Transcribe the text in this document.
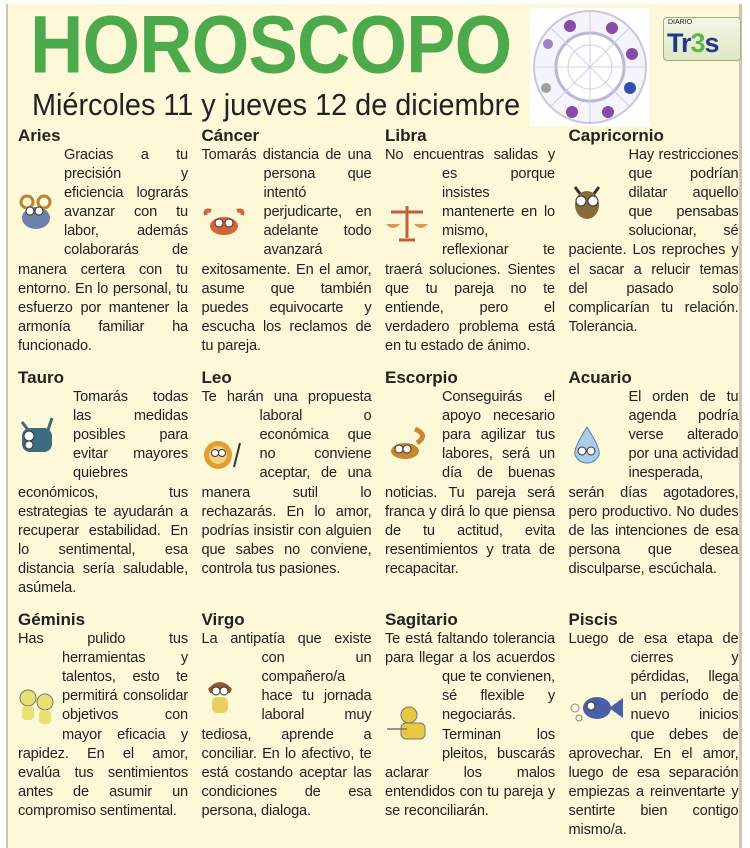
HOROSCOPO
Miércoles 11 y jueves 12 de diciembre
DIARIO
Tr3s
Aries

Gracias a tu precisión y eficiencia lograrás avanzar con tu labor, además colaborarás de manera certera con tu entorno. En lo personal, tu esfuerzo por mantener la armonía familiar ha funcionado.

Cáncer

Tomarás distancia de una persona que intentó perjudicarte, en adelante todo avanzará exitosamente. En el amor, asume que también puedes equivocarte y escucha los reclamos de tu pareja.

Libra

No encuentras salidas y es porque insistes mantenerte en lo mismo, reflexionar te traerá soluciones. Sientes que tu pareja no te entiende, pero el verdadero problema está en tu estado de ánimo.

Capricornio

Hay restricciones que podrían dilatar aquello que pensabas solucionar, sé paciente. Los reproches y el sacar a relucir temas del pasado solo complicarían tu relación. Tolerancia.

Tauro

Tomarás todas las medidas posibles para evitar mayores quiebres económicos, tus estrategias te ayudarán a recuperar estabilidad. En lo sentimental, esa distancia sería saludable, asúmela.

Leo

Te harán una propuesta laboral o económica que no conviene aceptar, de una manera sutil lo rechazarás. En lo amor, podrías insistir con alguien que sabes no conviene, controla tus pasiones.

Escorpio

Conseguirás el apoyo necesario para agilizar tus labores, será un día de buenas noticias. Tu pareja será franca y dirá lo que piensa de tu actitud, evita resentimientos y trata de recapacitar.

Acuario

El orden de tu agenda podría verse alterado por una actividad inesperada, serán días agotadores, pero productivo. No dudes de las intenciones de esa persona que desea disculparse, escúchala.

Géminis

Has pulido tus herramientas y talentos, esto te permitirá consolidar objetivos con mayor eficacia y rapidez. En el amor, evalúa tus sentimientos antes de asumir un compromiso sentimental.

Virgo

La antipatía que existe con un compañero/a hace tu jornada laboral muy tediosa, aprende a conciliar. En lo afectivo, te está costando aceptar las condiciones de esa persona, dialoga.

Sagitario

Te está faltando tolerancia para llegar a los acuerdos que te convienen, sé flexible y negociarás. Terminan los pleitos, buscarás aclarar los malos entendidos con tu pareja y se reconciliarán.

Piscis

Luego de esa etapa de cierres y pérdidas, llega un período de nuevo inicios que debes de aprovechar. En el amor, luego de esa separación empiezas a reinventarte y sentirte bien contigo mismo/a.
